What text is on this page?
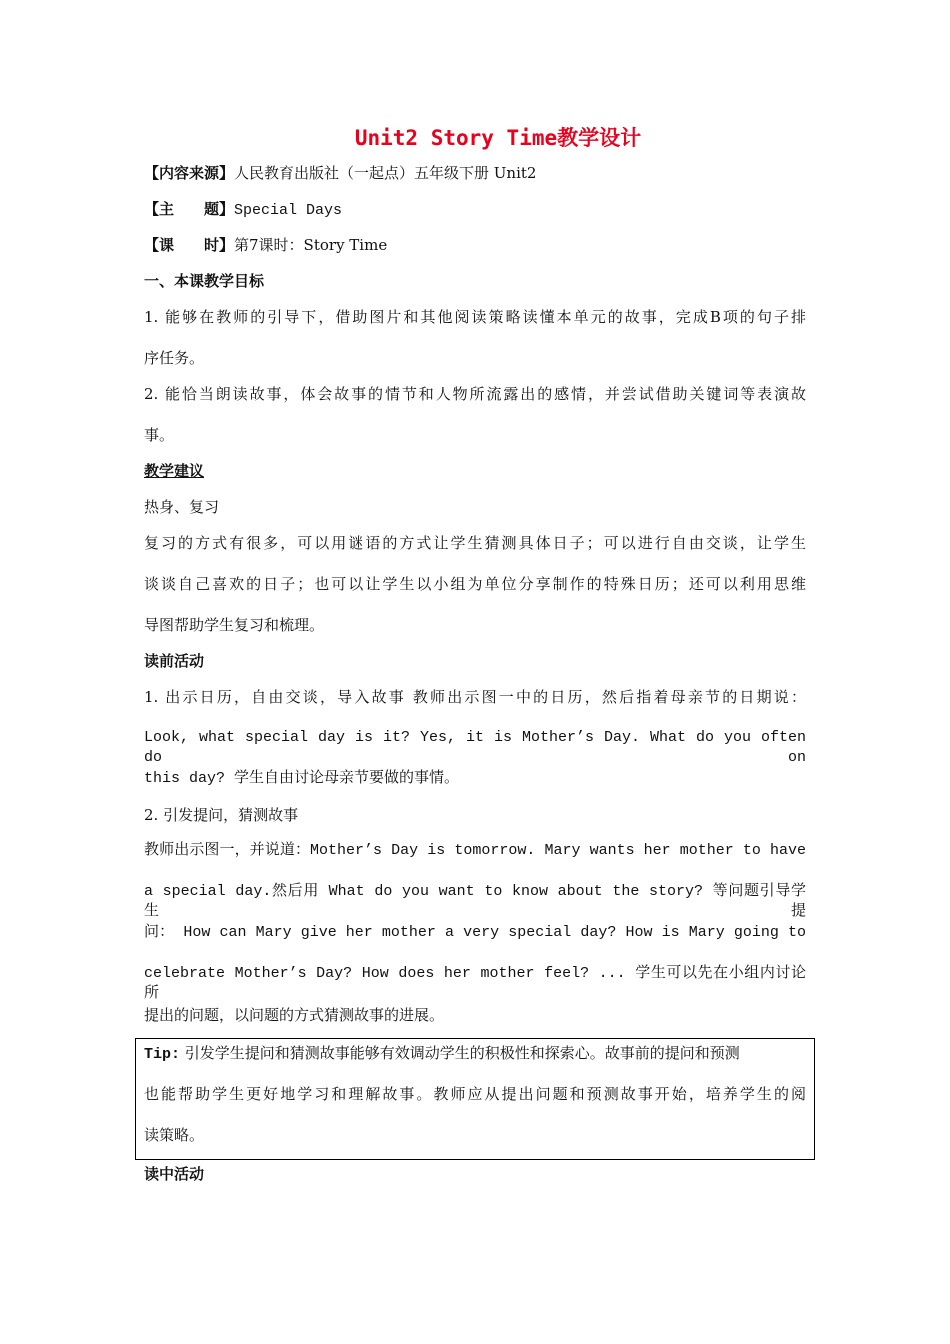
Unit2 Story Time教学设计
【内容来源】人民教育出版社（一起点）五年级下册 Unit2
【主　　题】Special Days
【课　　时】第7课时：Story Time
一、本课教学目标
1. 能够在教师的引导下，借助图片和其他阅读策略读懂本单元的故事，完成B项的句子排
序任务。
2. 能恰当朗读故事，体会故事的情节和人物所流露出的感情，并尝试借助关键词等表演故
事。
教学建议
热身、复习
复习的方式有很多，可以用谜语的方式让学生猜测具体日子；可以进行自由交谈，让学生
谈谈自己喜欢的日子；也可以让学生以小组为单位分享制作的特殊日历；还可以利用思维
导图帮助学生复习和梳理。
读前活动
1. 出示日历，自由交谈，导入故事 教师出示图一中的日历，然后指着母亲节的日期说：
Look, what special day is it? Yes, it is Mother’s Day. What do you often do on
this day? 学生自由讨论母亲节要做的事情。
2. 引发提问，猜测故事
教师出示图一，并说道：Mother’s Day is tomorrow. Mary wants her mother to have
a special day.然后用 What do you want to know about the story? 等问题引导学生提
问： How can Mary give her mother a very special day? How is Mary going to
celebrate Mother’s Day? How does her mother feel? ... 学生可以先在小组内讨论所
提出的问题，以问题的方式猜测故事的进展。
Tip: 引发学生提问和猜测故事能够有效调动学生的积极性和探索心。故事前的提问和预测
也能帮助学生更好地学习和理解故事。教师应从提出问题和预测故事开始，培养学生的阅
读策略。
读中活动
